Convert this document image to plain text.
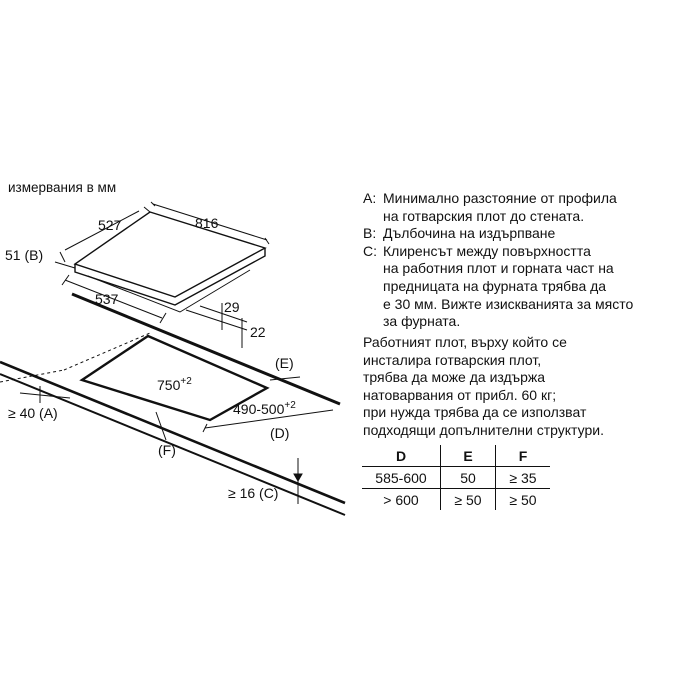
измервания в мм
816
527
51 (B)
537	29
22
$750^{+2}$
$490-500^{+2}$
(E)
(D)
(F)
≥ 40 (A)
≥ 16 (C)
A: Минимално разстояние от профила
на готварския плот до стената.
B: Дълбочина на издърпване
C: Клиренсът между повърхността
на работния плот и горната част на
предницата на фурната трябва да
е 30 мм. Вижте изискванията за място
за фурната.
Работният плот, върху който се
инсталира готварския плот,
трябва да може да издържа
натоварвания от прибл. 60 кг;
при нужда трябва да се използват
подходящи допълнителни структури.
D	E	F
585-600	50	≥ 35
> 600	≥ 50	≥ 50
